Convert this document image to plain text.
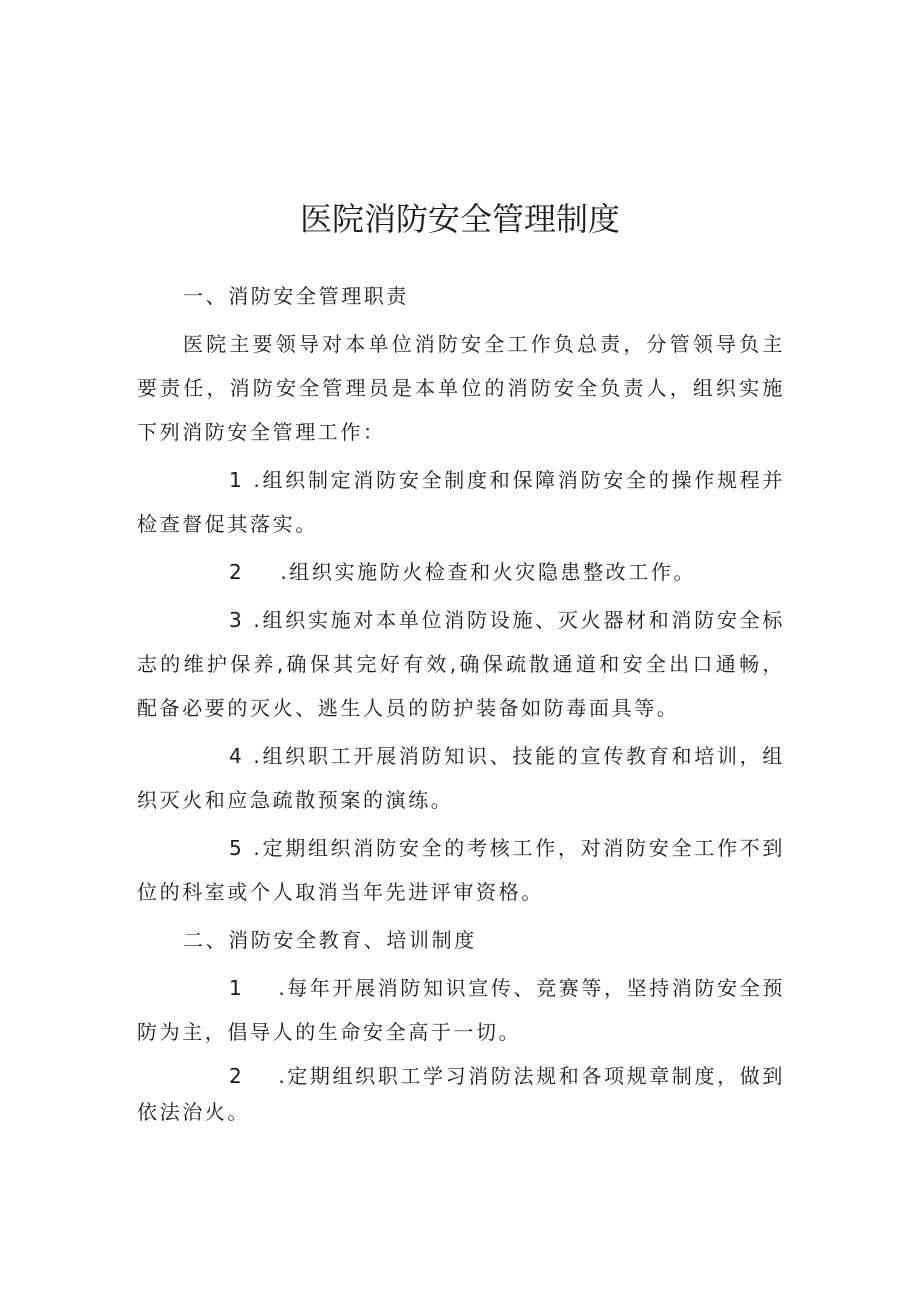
医院消防安全管理制度

一、消防安全管理职责

医院主要领导对本单位消防安全工作负总责，分管领导负主要责任，消防安全管理员是本单位的消防安全负责人，组织实施下列消防安全管理工作：

1 .组织制定消防安全制度和保障消防安全的操作规程并检查督促其落实。

2 .组织实施防火检查和火灾隐患整改工作。

3 .组织实施对本单位消防设施、灭火器材和消防安全标志的维护保养,确保其完好有效,确保疏散通道和安全出口通畅，配备必要的灭火、逃生人员的防护装备如防毒面具等。

4 .组织职工开展消防知识、技能的宣传教育和培训，组织灭火和应急疏散预案的演练。

5 .定期组织消防安全的考核工作，对消防安全工作不到位的科室或个人取消当年先进评审资格。

二、消防安全教育、培训制度

1 .每年开展消防知识宣传、竞赛等，坚持消防安全预防为主，倡导人的生命安全高于一切。

2 .定期组织职工学习消防法规和各项规章制度，做到依法治火。
